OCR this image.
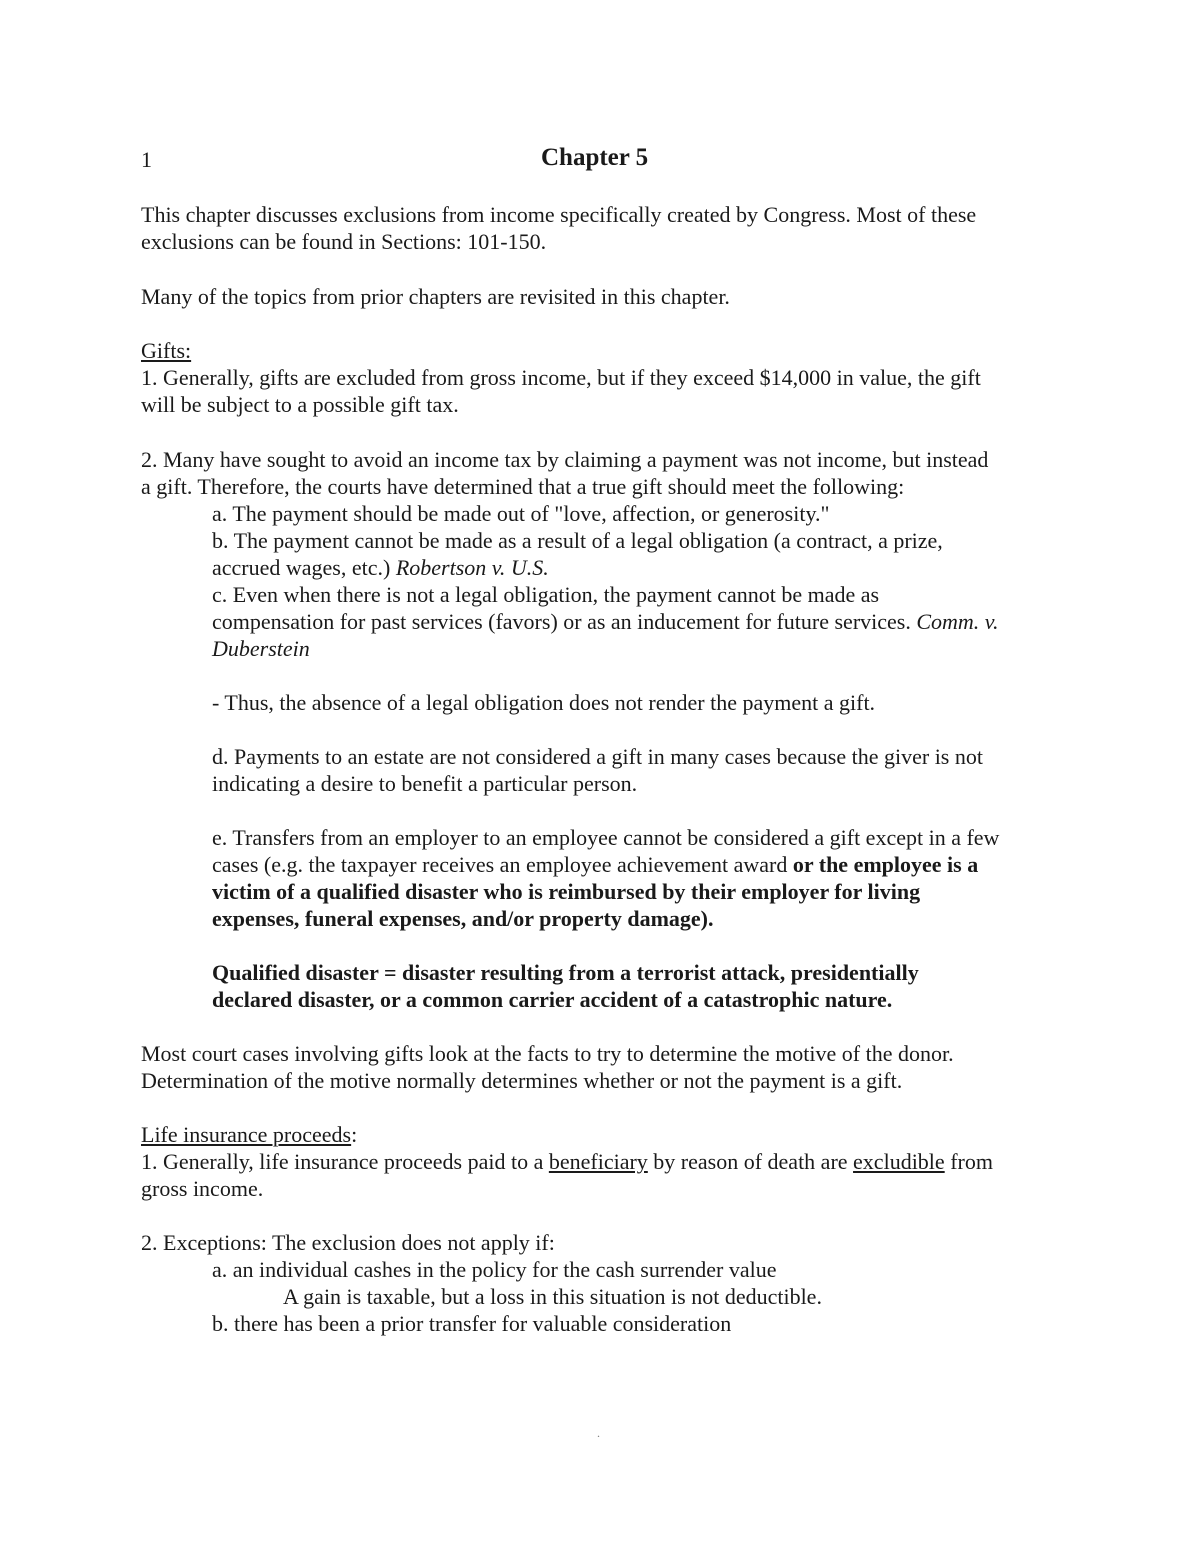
1	Chapter 5
This chapter discusses exclusions from income specifically created by Congress. Most of these
exclusions can be found in Sections: 101-150.
Many of the topics from prior chapters are revisited in this chapter.
Gifts:
1. Generally, gifts are excluded from gross income, but if they exceed $14,000 in value, the gift
will be subject to a possible gift tax.
2. Many have sought to avoid an income tax by claiming a payment was not income, but instead
a gift. Therefore, the courts have determined that a true gift should meet the following:
a. The payment should be made out of "love, affection, or generosity."
b. The payment cannot be made as a result of a legal obligation (a contract, a prize,
accrued wages, etc.) Robertson v. U.S.
c. Even when there is not a legal obligation, the payment cannot be made as
compensation for past services (favors) or as an inducement for future services. Comm. v.
Duberstein
- Thus, the absence of a legal obligation does not render the payment a gift.
d. Payments to an estate are not considered a gift in many cases because the giver is not
indicating a desire to benefit a particular person.
e. Transfers from an employer to an employee cannot be considered a gift except in a few
cases (e.g. the taxpayer receives an employee achievement award or the employee is a
victim of a qualified disaster who is reimbursed by their employer for living
expenses, funeral expenses, and/or property damage).
Qualified disaster = disaster resulting from a terrorist attack, presidentially
declared disaster, or a common carrier accident of a catastrophic nature.
Most court cases involving gifts look at the facts to try to determine the motive of the donor.
Determination of the motive normally determines whether or not the payment is a gift.
Life insurance proceeds:
1. Generally, life insurance proceeds paid to a beneficiary by reason of death are excludible from
gross income.
2. Exceptions: The exclusion does not apply if:
a. an individual cashes in the policy for the cash surrender value
A gain is taxable, but a loss in this situation is not deductible.
b. there has been a prior transfer for valuable consideration
.
